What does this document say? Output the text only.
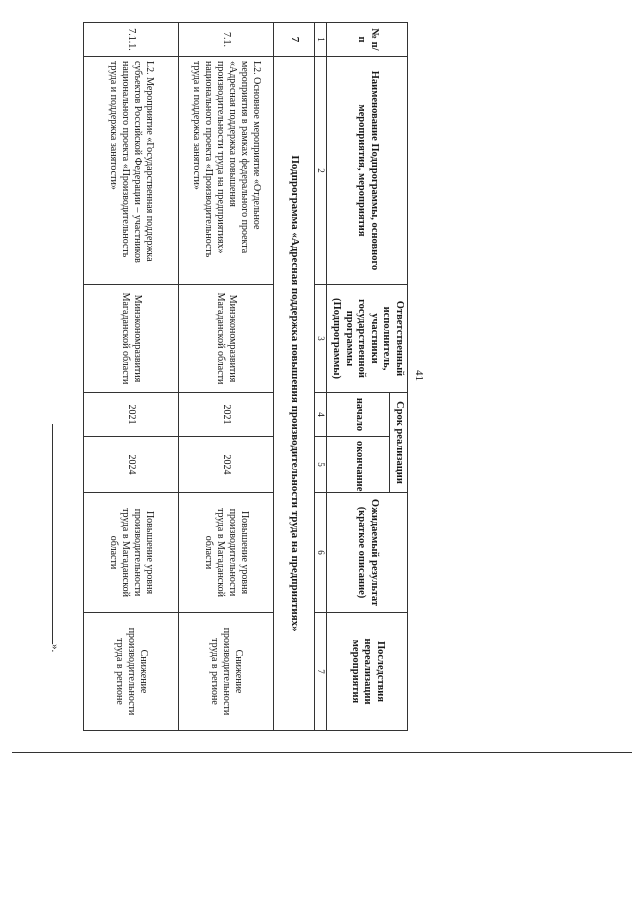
41
№ п/п	Наименование Подпрограммы, основного мероприятия, мероприятия	Ответственный исполнитель, участники государственной программы (Подпрограммы)	Срок реализации		Ожидаемый результат (краткое описание)	Последствия нереализации мероприятия
			начало	окончание		
1	2	3	4	5	6	7
7	Подпрограмма «Адресная поддержка повышения производительности труда на предприятиях»					
7.1.	L2. Основное мероприятие «Отдельное мероприятия в рамках федерального проекта «Адресная поддержка повышения производительности труда на предприятиях» национального проекта «Производительность труда и поддержка занятости»	Минэкономразвития Магаданской области	2021	2024	Повышение уровня производительности труда в Магаданской области	Снижение производительности труда в регионе
7.1.1.	L2. Мероприятие «Государственная поддержка субъектов Российской Федерации – участников национального проекта «Производительность труда и поддержка занятости»	Минэкономразвития Магаданской области	2021	2024	Повышение уровня производительности труда в Магаданской области	Снижение производительности труда в регионе
».
